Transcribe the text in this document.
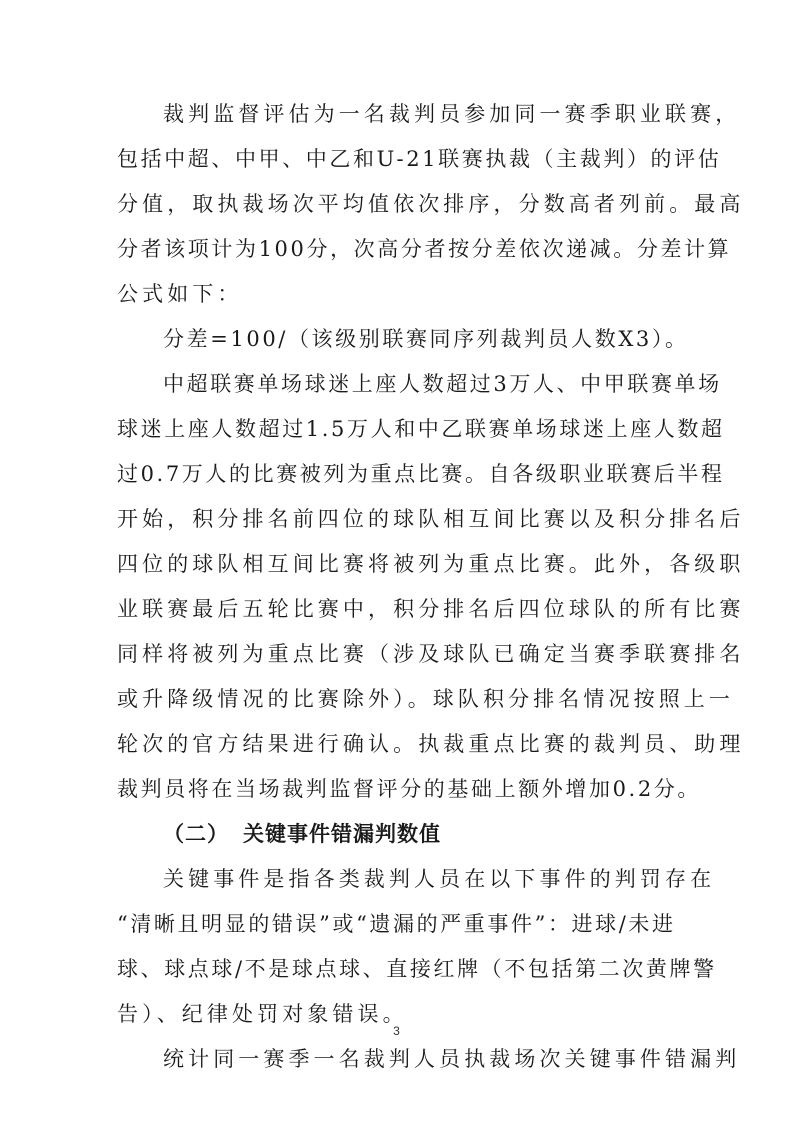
裁判监督评估为一名裁判员参加同一赛季职业联赛，
包括中超、中甲、中乙和U-21联赛执裁（主裁判）的评估
分值，取执裁场次平均值依次排序，分数高者列前。最高
分者该项计为100分，次高分者按分差依次递减。分差计算
公式如下：
分差=100/（该级别联赛同序列裁判员人数X3）。
中超联赛单场球迷上座人数超过3万人、中甲联赛单场
球迷上座人数超过1.5万人和中乙联赛单场球迷上座人数超
过0.7万人的比赛被列为重点比赛。自各级职业联赛后半程
开始，积分排名前四位的球队相互间比赛以及积分排名后
四位的球队相互间比赛将被列为重点比赛。此外，各级职
业联赛最后五轮比赛中，积分排名后四位球队的所有比赛
同样将被列为重点比赛（涉及球队已确定当赛季联赛排名
或升降级情况的比赛除外）。球队积分排名情况按照上一
轮次的官方结果进行确认。执裁重点比赛的裁判员、助理
裁判员将在当场裁判监督评分的基础上额外增加0.2分。
（二） 关键事件错漏判数值
关键事件是指各类裁判人员在以下事件的判罚存在
“清晰且明显的错误”或“遗漏的严重事件”：进球/未进
球、球点球/不是球点球、直接红牌（不包括第二次黄牌警
告）、纪律处罚对象错误。
统计同一赛季一名裁判人员执裁场次关键事件错漏判
3
